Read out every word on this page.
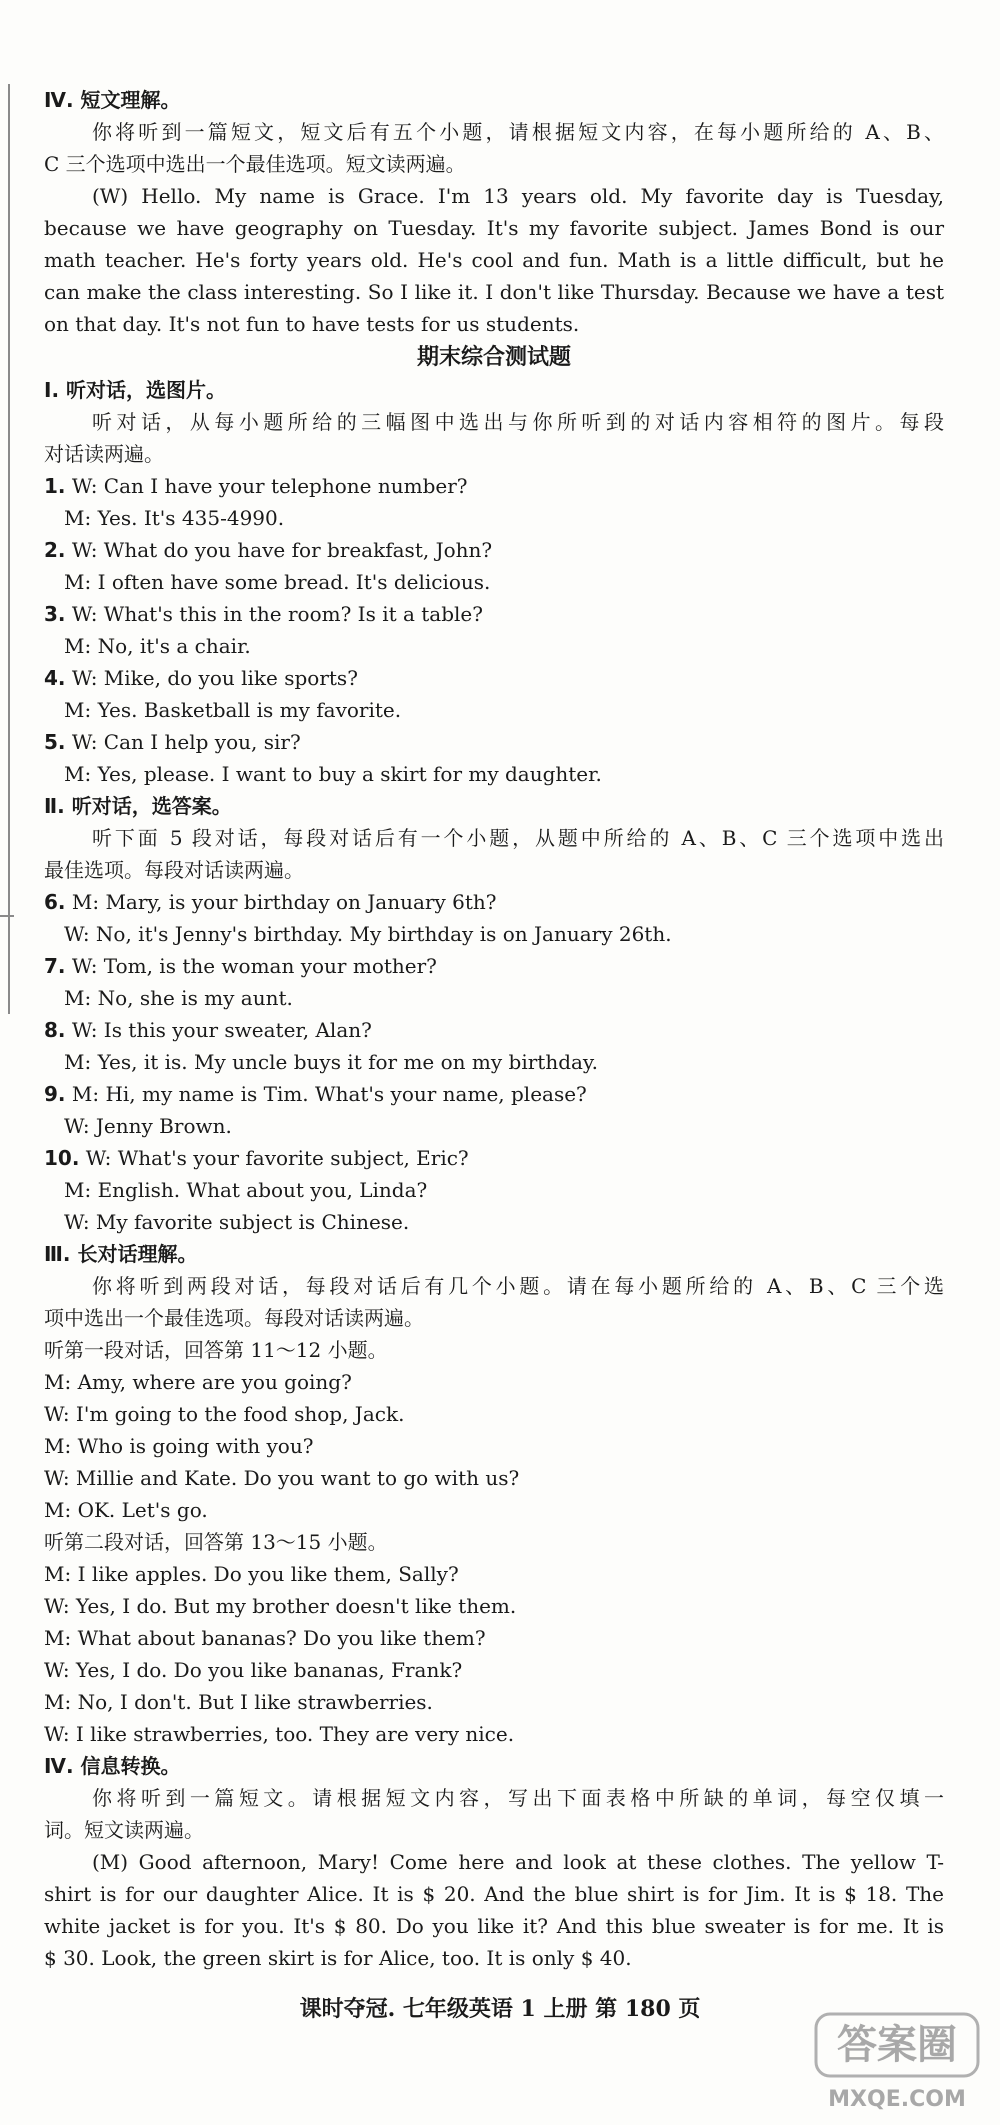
Ⅳ. 短文理解。
你将听到一篇短文，短文后有五个小题，请根据短文内容，在每小题所给的 A、B、
C 三个选项中选出一个最佳选项。短文读两遍。
(W) Hello. My name is Grace. I'm 13 years old. My favorite day is Tuesday,
because we have geography on Tuesday. It's my favorite subject. James Bond is our
math teacher. He's forty years old. He's cool and fun. Math is a little difficult, but he
can make the class interesting. So I like it. I don't like Thursday. Because we have a test
on that day. It's not fun to have tests for us students.
期末综合测试题
Ⅰ. 听对话，选图片。
听对话，从每小题所给的三幅图中选出与你所听到的对话内容相符的图片。每段
对话读两遍。
1. W: Can I have your telephone number?
M: Yes. It's 435-4990.
2. W: What do you have for breakfast, John?
M: I often have some bread. It's delicious.
3. W: What's this in the room? Is it a table?
M: No, it's a chair.
4. W: Mike, do you like sports?
M: Yes. Basketball is my favorite.
5. W: Can I help you, sir?
M: Yes, please. I want to buy a skirt for my daughter.
Ⅱ. 听对话，选答案。
听下面 5 段对话，每段对话后有一个小题，从题中所给的 A、B、C 三个选项中选出
最佳选项。每段对话读两遍。
6. M: Mary, is your birthday on January 6th?
W: No, it's Jenny's birthday. My birthday is on January 26th.
7. W: Tom, is the woman your mother?
M: No, she is my aunt.
8. W: Is this your sweater, Alan?
M: Yes, it is. My uncle buys it for me on my birthday.
9. M: Hi, my name is Tim. What's your name, please?
W: Jenny Brown.
10. W: What's your favorite subject, Eric?
M: English. What about you, Linda?
W: My favorite subject is Chinese.
Ⅲ. 长对话理解。
你将听到两段对话，每段对话后有几个小题。请在每小题所给的 A、B、C 三个选
项中选出一个最佳选项。每段对话读两遍。
听第一段对话，回答第 11～12 小题。
M: Amy, where are you going?
W: I'm going to the food shop, Jack.
M: Who is going with you?
W: Millie and Kate. Do you want to go with us?
M: OK. Let's go.
听第二段对话，回答第 13～15 小题。
M: I like apples. Do you like them, Sally?
W: Yes, I do. But my brother doesn't like them.
M: What about bananas? Do you like them?
W: Yes, I do. Do you like bananas, Frank?
M: No, I don't. But I like strawberries.
W: I like strawberries, too. They are very nice.
Ⅳ. 信息转换。
你将听到一篇短文。请根据短文内容，写出下面表格中所缺的单词，每空仅填一
词。短文读两遍。
(M) Good afternoon, Mary! Come here and look at these clothes. The yellow T-
shirt is for our daughter Alice. It is $ 20. And the blue shirt is for Jim. It is $ 18. The
white jacket is for you. It's $ 80. Do you like it? And this blue sweater is for me. It is
$ 30. Look, the green skirt is for Alice, too. It is only $ 40.
课时夺冠. 七年级英语 1 上册 第 180 页
答案圈
MXQE.COM
